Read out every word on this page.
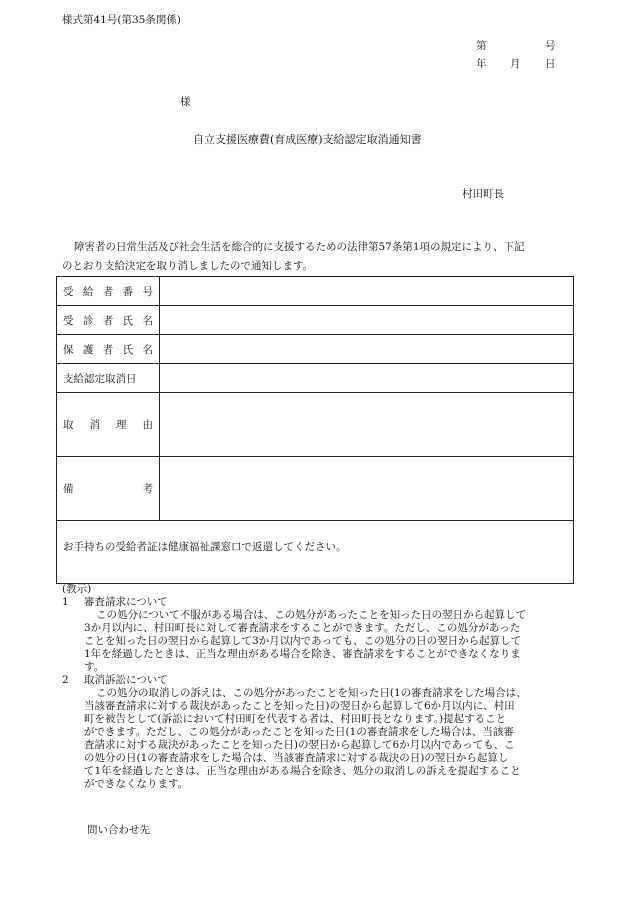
様式第41号(第35条関係)
第	号
年 月 日
様
自立支援医療費(育成医療)支給認定取消通知書
村田町長

障害者の日常生活及び社会生活を総合的に支援するための法律第57条第1項の規定により、下記

のとおり支給決定を取り消しましたので通知します。

受 給 者 番 号	

受 診 者 氏 名	

保 護 者 氏 名	

支給認定取消日	

取 消 理 由	

備 考	

お手持ちの受給者証は健康福祉課窓口で返還してください。	

(教示)

1	審査請求について

この処分について不服がある場合は、この処分があったことを知った日の翌日から起算して

3か月以内に、村田町長に対して審査請求をすることができます。ただし、この処分があった

ことを知った日の翌日から起算して3か月以内であっても、この処分の日の翌日から起算して

1年を経過したときは、正当な理由がある場合を除き、審査請求をすることができなくなりま

す。

2	取消訴訟について

この処分の取消しの訴えは、この処分があったことを知った日(1の審査請求をした場合は、

当該審査請求に対する裁決があったことを知った日)の翌日から起算して6か月以内に、村田

町を被告として(訴訟において村田町を代表する者は、村田町長となります。)提起すること

ができます。ただし、この処分があったことを知った日(1の審査請求をした場合は、当該審

査請求に対する裁決があったことを知った日)の翌日から起算して6か月以内であっても、こ

の処分の日(1の審査請求をした場合は、当該審査請求に対する裁決の日)の翌日から起算し

て1年を経過したときは、正当な理由がある場合を除き、処分の取消しの訴えを提起すること

ができなくなります。

問い合わせ先
